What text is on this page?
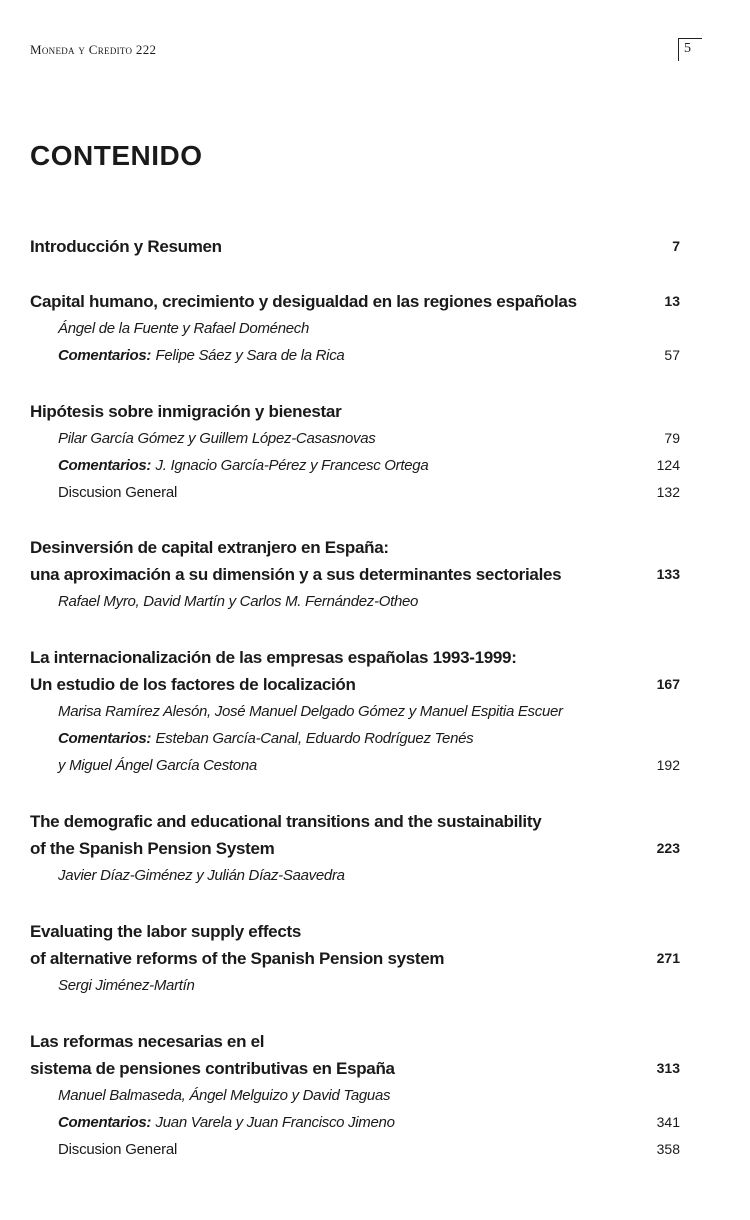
Moneda y Credito 222	5
CONTENIDO
Introducción y Resumen	7
Capital humano, crecimiento y desigualdad en las regiones españolas	13
Ángel de la Fuente y Rafael Doménech
Comentarios: Felipe Sáez y Sara de la Rica	57
Hipótesis sobre inmigración y bienestar
Pilar García Gómez y Guillem López-Casasnovas	79
Comentarios: J. Ignacio García-Pérez y Francesc Ortega	124
Discusion General	132
Desinversión de capital extranjero en España:
una aproximación a su dimensión y a sus determinantes sectoriales	133
Rafael Myro, David Martín y Carlos M. Fernández-Otheo
La internacionalización de las empresas españolas 1993-1999:
Un estudio de los factores de localización	167
Marisa Ramírez Alesón, José Manuel Delgado Gómez y Manuel Espitia Escuer
Comentarios: Esteban García-Canal, Eduardo Rodríguez Tenés
y Miguel Ángel García Cestona	192
The demografic and educational transitions and the sustainability
of the Spanish Pension System	223
Javier Díaz-Giménez y Julián Díaz-Saavedra
Evaluating the labor supply effects
of alternative reforms of the Spanish Pension system	271
Sergi Jiménez-Martín
Las reformas necesarias en el
sistema de pensiones contributivas en España	313
Manuel Balmaseda, Ángel Melguizo y David Taguas
Comentarios: Juan Varela y Juan Francisco Jimeno	341
Discusion General	358
